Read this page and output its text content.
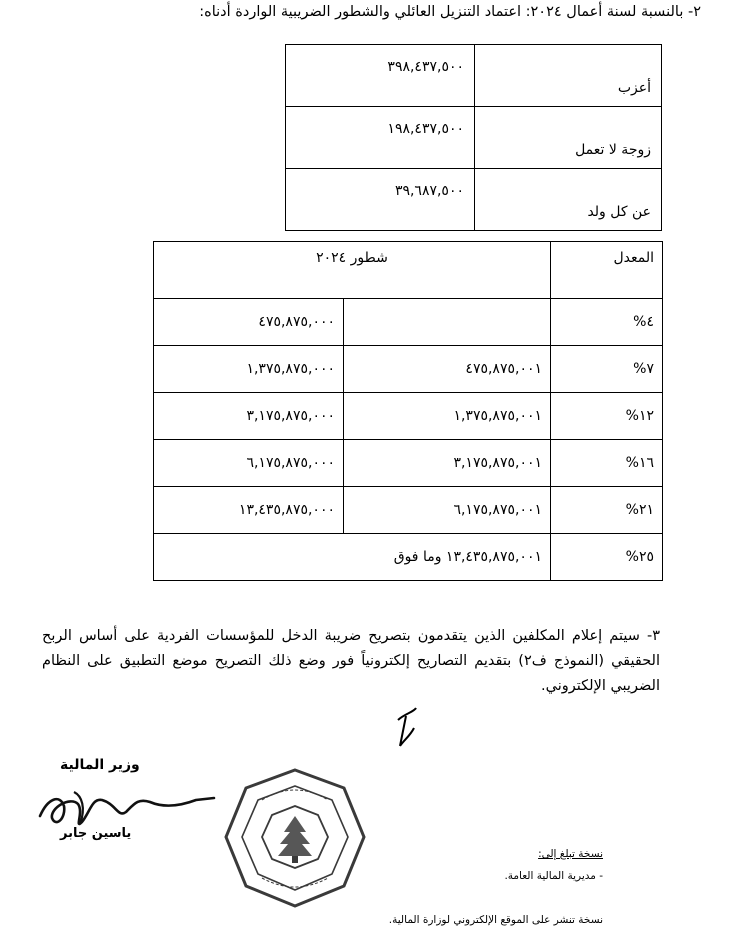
٢- بالنسبة لسنة أعمال ٢٠٢٤: اعتماد التنزيل العائلي والشطور الضريبية الواردة أدناه:
٣٩٨,٤٣٧,٥٠٠	أعزب
١٩٨,٤٣٧,٥٠٠	زوجة لا تعمل
٣٩,٦٨٧,٥٠٠	عن كل ولد
شطور ٢٠٢٤		المعدل
٤٧٥,٨٧٥,٠٠٠		%٤
١,٣٧٥,٨٧٥,٠٠٠	٤٧٥,٨٧٥,٠٠١	%٧
٣,١٧٥,٨٧٥,٠٠٠	١,٣٧٥,٨٧٥,٠٠١	%١٢
٦,١٧٥,٨٧٥,٠٠٠	٣,١٧٥,٨٧٥,٠٠١	%١٦
١٣,٤٣٥,٨٧٥,٠٠٠	٦,١٧٥,٨٧٥,٠٠١	%٢١
١٣,٤٣٥,٨٧٥,٠٠١ وما فوق		%٢٥
٣- سيتم إعلام المكلفين الذين يتقدمون بتصريح ضريبة الدخل للمؤسسات الفردية على أساس الربح الحقيقي (النموذج ف٢) بتقديم التصاريح إلكترونياً فور وضع ذلك التصريح موضع التطبيق على النظام الضريبي الإلكتروني.
وزير المالية
ياسين جابر
نسخة تبلغ إلى:
- مديرية المالية العامة.
نسخة تنشر على الموقع الإلكتروني لوزارة المالية.
